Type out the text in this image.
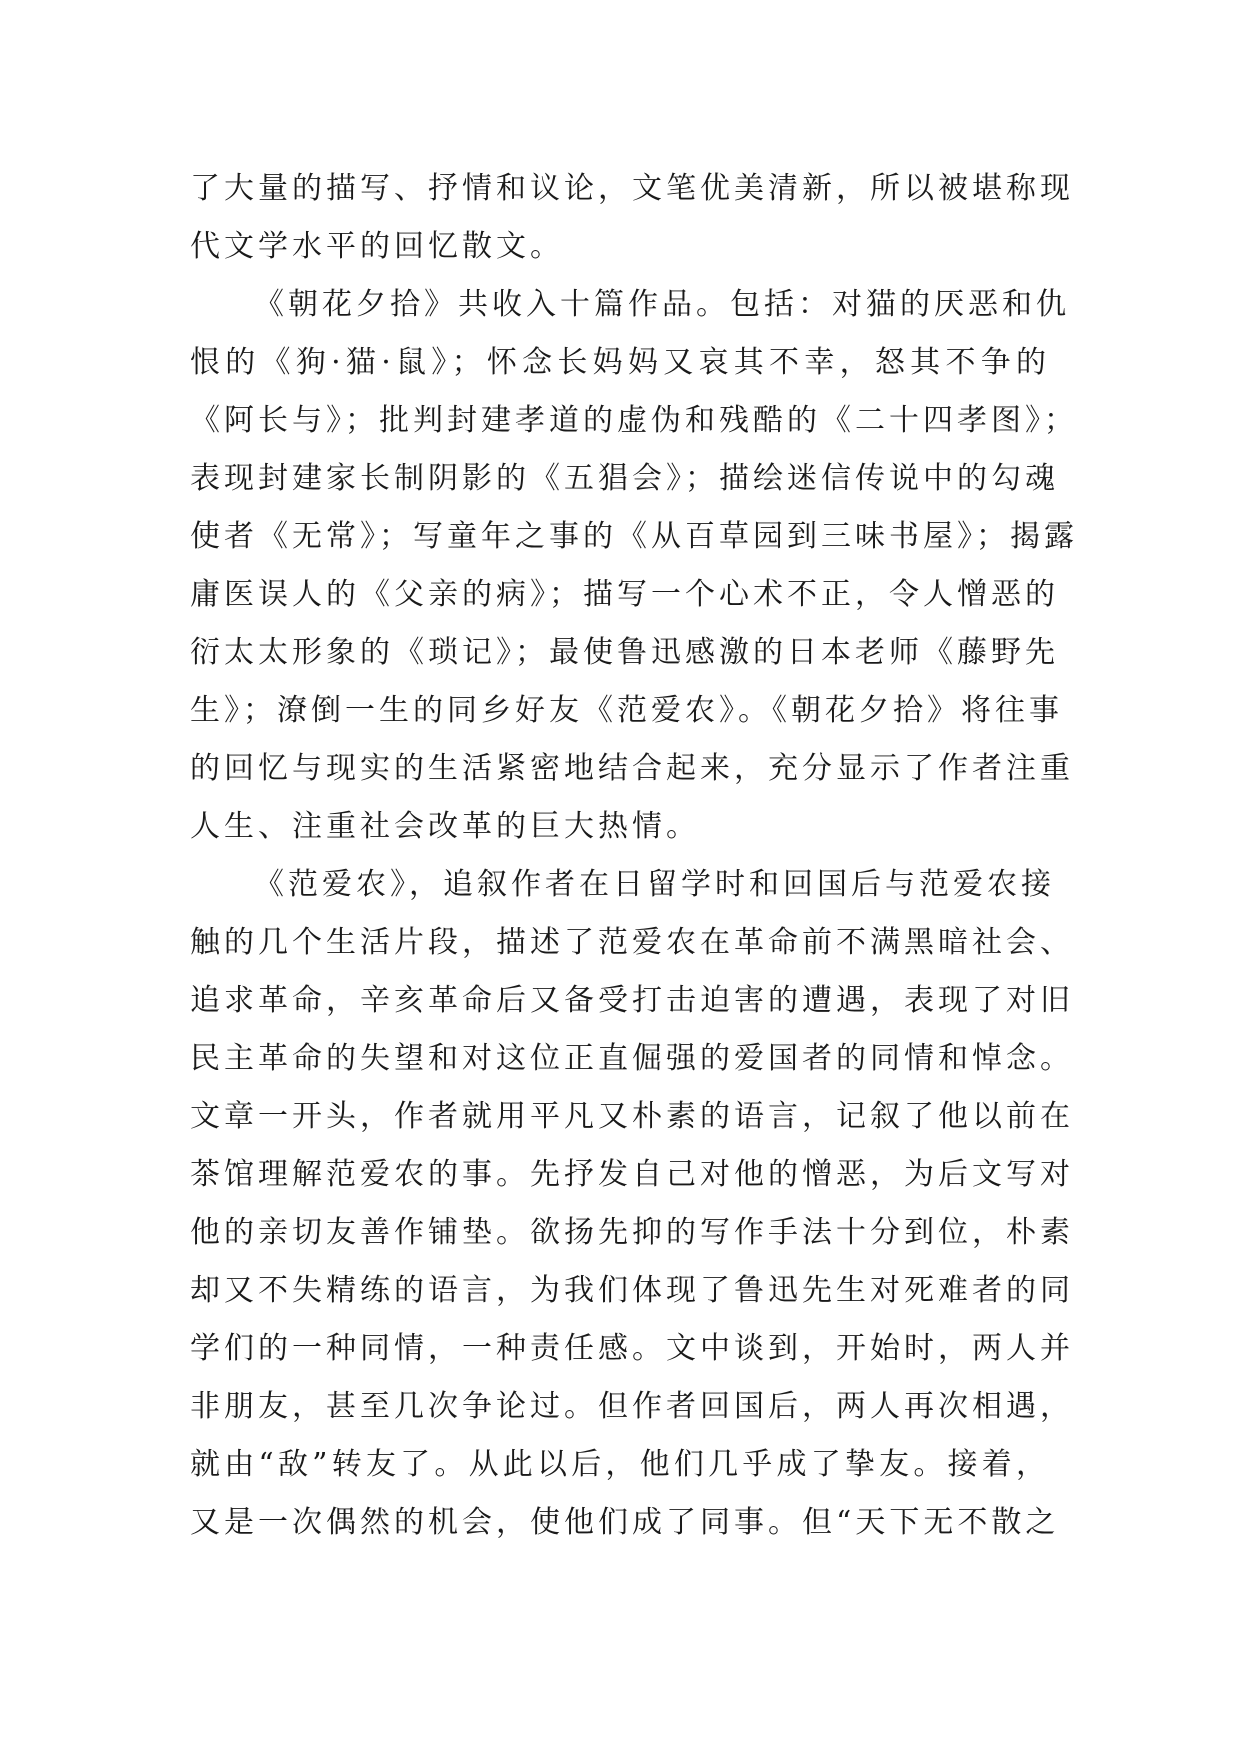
了大量的描写、抒情和议论，文笔优美清新，所以被堪称现
代文学水平的回忆散文。
《朝花夕拾》共收入十篇作品。包括：对猫的厌恶和仇
恨的《狗·猫·鼠》；怀念长妈妈又哀其不幸，怒其不争的
《阿长与》；批判封建孝道的虚伪和残酷的《二十四孝图》；
表现封建家长制阴影的《五猖会》；描绘迷信传说中的勾魂
使者《无常》；写童年之事的《从百草园到三味书屋》；揭露
庸医误人的《父亲的病》；描写一个心术不正，令人憎恶的
衍太太形象的《琐记》；最使鲁迅感激的日本老师《藤野先
生》；潦倒一生的同乡好友《范爱农》。《朝花夕拾》将往事
的回忆与现实的生活紧密地结合起来，充分显示了作者注重
人生、注重社会改革的巨大热情。
《范爱农》，追叙作者在日留学时和回国后与范爱农接
触的几个生活片段，描述了范爱农在革命前不满黑暗社会、
追求革命，辛亥革命后又备受打击迫害的遭遇，表现了对旧
民主革命的失望和对这位正直倔强的爱国者的同情和悼念。
文章一开头，作者就用平凡又朴素的语言，记叙了他以前在
茶馆理解范爱农的事。先抒发自己对他的憎恶，为后文写对
他的亲切友善作铺垫。欲扬先抑的写作手法十分到位，朴素
却又不失精练的语言，为我们体现了鲁迅先生对死难者的同
学们的一种同情，一种责任感。文中谈到，开始时，两人并
非朋友，甚至几次争论过。但作者回国后，两人再次相遇，
就由“敌”转友了。从此以后，他们几乎成了挚友。接着，
又是一次偶然的机会，使他们成了同事。但“天下无不散之
